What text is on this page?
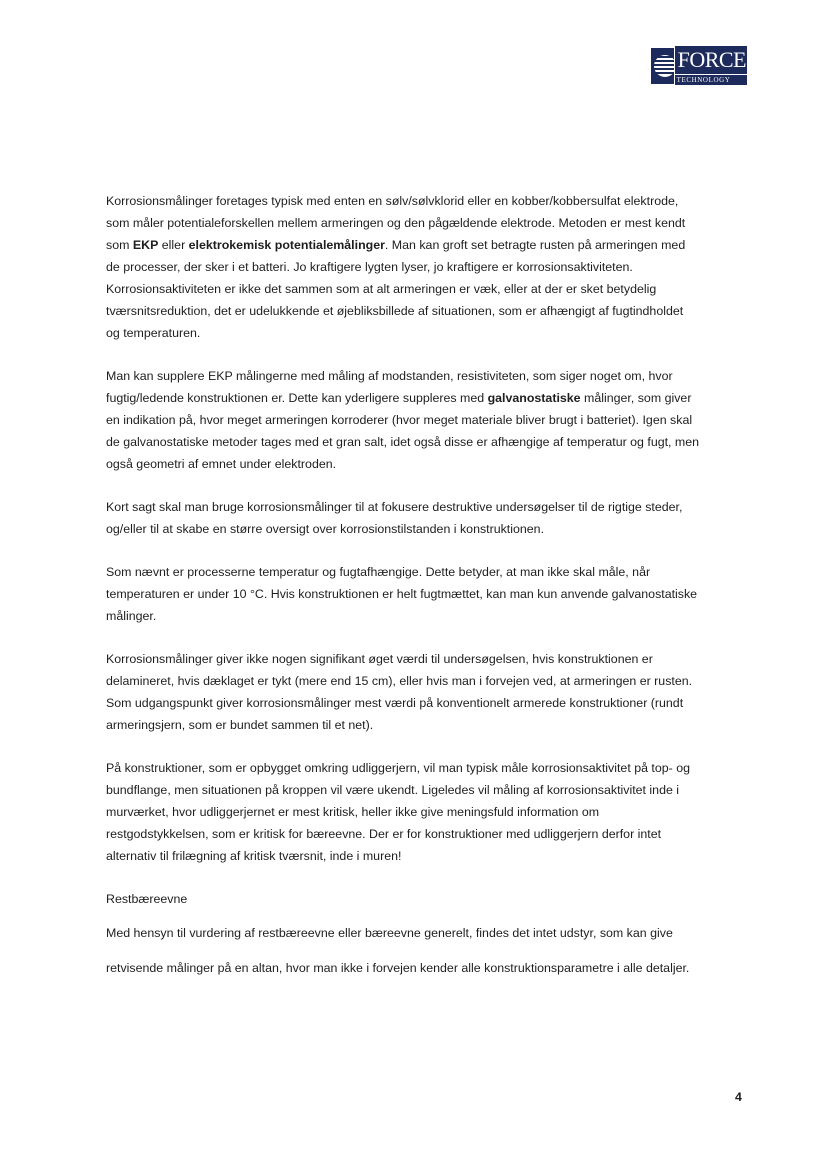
FORCE
TECHNOLOGY

Korrosionsmålinger foretages typisk med enten en sølv/sølvklorid eller en kobber/kobbersulfat elektrode,

som måler potentialeforskellen mellem armeringen og den pågældende elektrode. Metoden er mest kendt

som EKP eller elektrokemisk potentialemålinger. Man kan groft set betragte rusten på armeringen med

de processer, der sker i et batteri. Jo kraftigere lygten lyser, jo kraftigere er korrosionsaktiviteten.

Korrosionsaktiviteten er ikke det sammen som at alt armeringen er væk, eller at der er sket betydelig

tværsnitsreduktion, det er udelukkende et øjebliksbillede af situationen, som er afhængigt af fugtindholdet

og temperaturen.

Man kan supplere EKP målingerne med måling af modstanden, resistiviteten, som siger noget om, hvor

fugtig/ledende konstruktionen er. Dette kan yderligere suppleres med galvanostatiske målinger, som giver

en indikation på, hvor meget armeringen korroderer (hvor meget materiale bliver brugt i batteriet). Igen skal

de galvanostatiske metoder tages med et gran salt, idet også disse er afhængige af temperatur og fugt, men

også geometri af emnet under elektroden.

Kort sagt skal man bruge korrosionsmålinger til at fokusere destruktive undersøgelser til de rigtige steder,

og/eller til at skabe en større oversigt over korrosionstilstanden i konstruktionen.

Som nævnt er processerne temperatur og fugtafhængige. Dette betyder, at man ikke skal måle, når

temperaturen er under 10 °C. Hvis konstruktionen er helt fugtmættet, kan man kun anvende galvanostatiske

målinger.

Korrosionsmålinger giver ikke nogen signifikant øget værdi til undersøgelsen, hvis konstruktionen er

delamineret, hvis dæklaget er tykt (mere end 15 cm), eller hvis man i forvejen ved, at armeringen er rusten.

Som udgangspunkt giver korrosionsmålinger mest værdi på konventionelt armerede konstruktioner (rundt

armeringsjern, som er bundet sammen til et net).

På konstruktioner, som er opbygget omkring udliggerjern, vil man typisk måle korrosionsaktivitet på top- og

bundflange, men situationen på kroppen vil være ukendt. Ligeledes vil måling af korrosionsaktivitet inde i

murværket, hvor udliggerjernet er mest kritisk, heller ikke give meningsfuld information om

restgodstykkelsen, som er kritisk for bæreevne. Der er for konstruktioner med udliggerjern derfor intet

alternativ til frilægning af kritisk tværsnit, inde i muren!

Restbæreevne

Med hensyn til vurdering af restbæreevne eller bæreevne generelt, findes det intet udstyr, som kan give

retvisende målinger på en altan, hvor man ikke i forvejen kender alle konstruktionsparametre i alle detaljer.

4
